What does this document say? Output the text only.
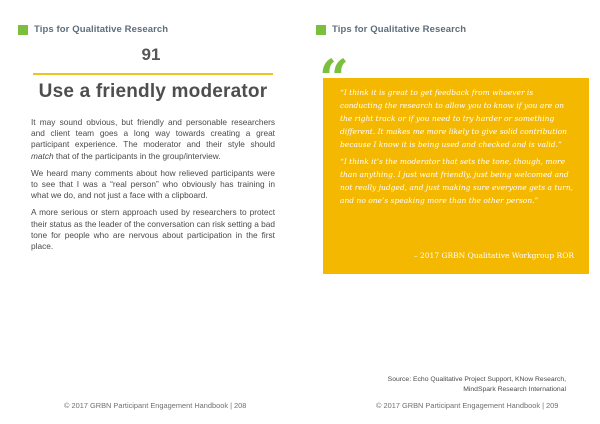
Tips for Qualitative Research
91
Use a friendly moderator

It may sound obvious, but friendly and personable researchers and client team goes a long way towards creating a great participant experience. The moderator and their style should match that of the participants in the group/interview.

We heard many comments about how relieved participants were to see that I was a “real person” who obviously has training in what we do, and not just a face with a clipboard.

A more serious or stern approach used by researchers to protect their status as the leader of the conversation can risk setting a bad tone for people who are nervous about participation in the first place.

© 2017 GRBN Participant Engagement Handbook | 208
Tips for Qualitative Research
“

“I think it is great to get feedback from whoever is conducting the research to allow you to know if you are on the right track or if you need to try harder or something different. It makes me more likely to give solid contribution because I know it is being used and checked and is valid.”

“I think it’s the moderator that sets the tone, though, more than anything. I just want friendly, just being welcomed and not really judged, and just making sure everyone gets a turn, and no one’s speaking more than the other person.”

– 2017 GRBN Qualitative Workgroup ROR
Source: Echo Qualitative Project Support, KNow Research,
MindSpark Research International
© 2017 GRBN Participant Engagement Handbook | 209
